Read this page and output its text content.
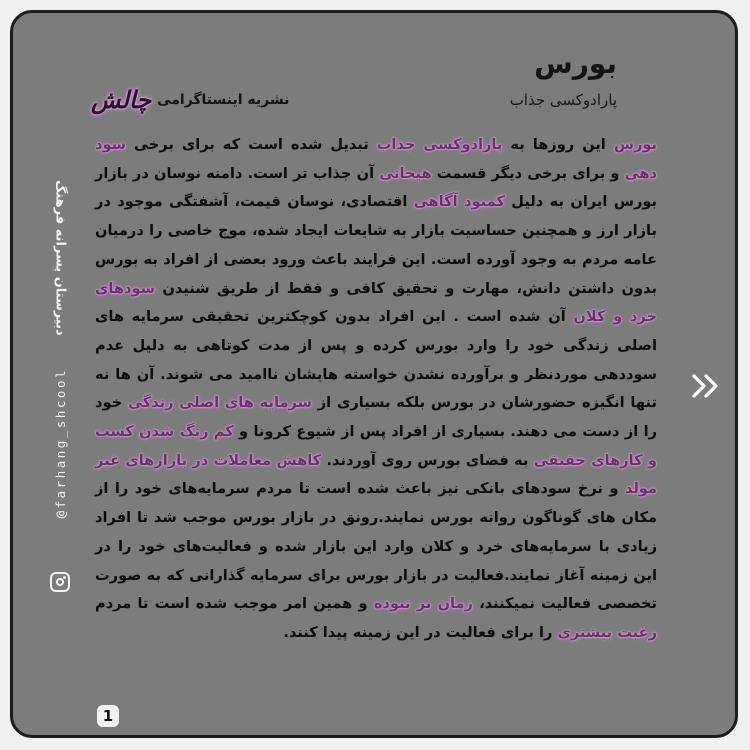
بورس
پارادوکسی جذاب
نشریه اینستاگرامی
چالش

بورس این روزها به پارادوکسی جذاب تبدیل شده است که برای برخی سود دهی و برای برخی دیگر قسمت هیجانی آن جذاب تر است. دامنه نوسان در بازار بورس ایران به دلیل کمبود آگاهی اقتصادی، نوسان قیمت، آشفتگی موجود در بازار ارز و همچنین حساسیت بازار به شایعات ایجاد شده، موج خاصی را درمیان عامه مردم به وجود آورده است. این فرایند باعث ورود بعضی از افراد به بورس بدون داشتن دانش، مهارت و تحقیق کافی و فقط از طریق شنیدن سودهای خرد و کلان آن شده است . این افراد بدون کوچکترین تحقیقی سرمایه های اصلی زندگی خود را وارد بورس کرده و پس از مدت کوتاهی به دلیل عدم سوددهی موردنظر و برآورده نشدن خواسته هایشان ناامید می شوند. آن ها نه تنها انگیزه حضورشان در بورس بلکه بسیاری از سرمایه های اصلی زندگی خود را از دست می دهند. بسیاری از افراد پس از شیوع کرونا و کم رنگ شدن کسب و کارهای حقیقی به فضای بورس روی آوردند. کاهش معاملات در بازارهای غیر مولد و نرخ سودهای بانکی نیز باعث شده است تا مردم سرمایه‌های خود را از مکان های گوناگون روانه بورس نمایند.رونق در بازار بورس موجب شد تا افراد زیادی با سرمایه‌های خرد و کلان وارد این بازار شده و فعالیت‌های خود را در این زمینه آغاز نمایند.فعالیت در بازار بورس برای سرمایه گذارانی که به صورت تخصصی فعالیت نمیکنند، زمان بر نبوده و همین امر موجب شده است تا مردم رغبت بیشتری را برای فعالیت در این زمینه پیدا کنند.

دبیرستان پسرانه فرهنگ
@farhang_shcool
1
